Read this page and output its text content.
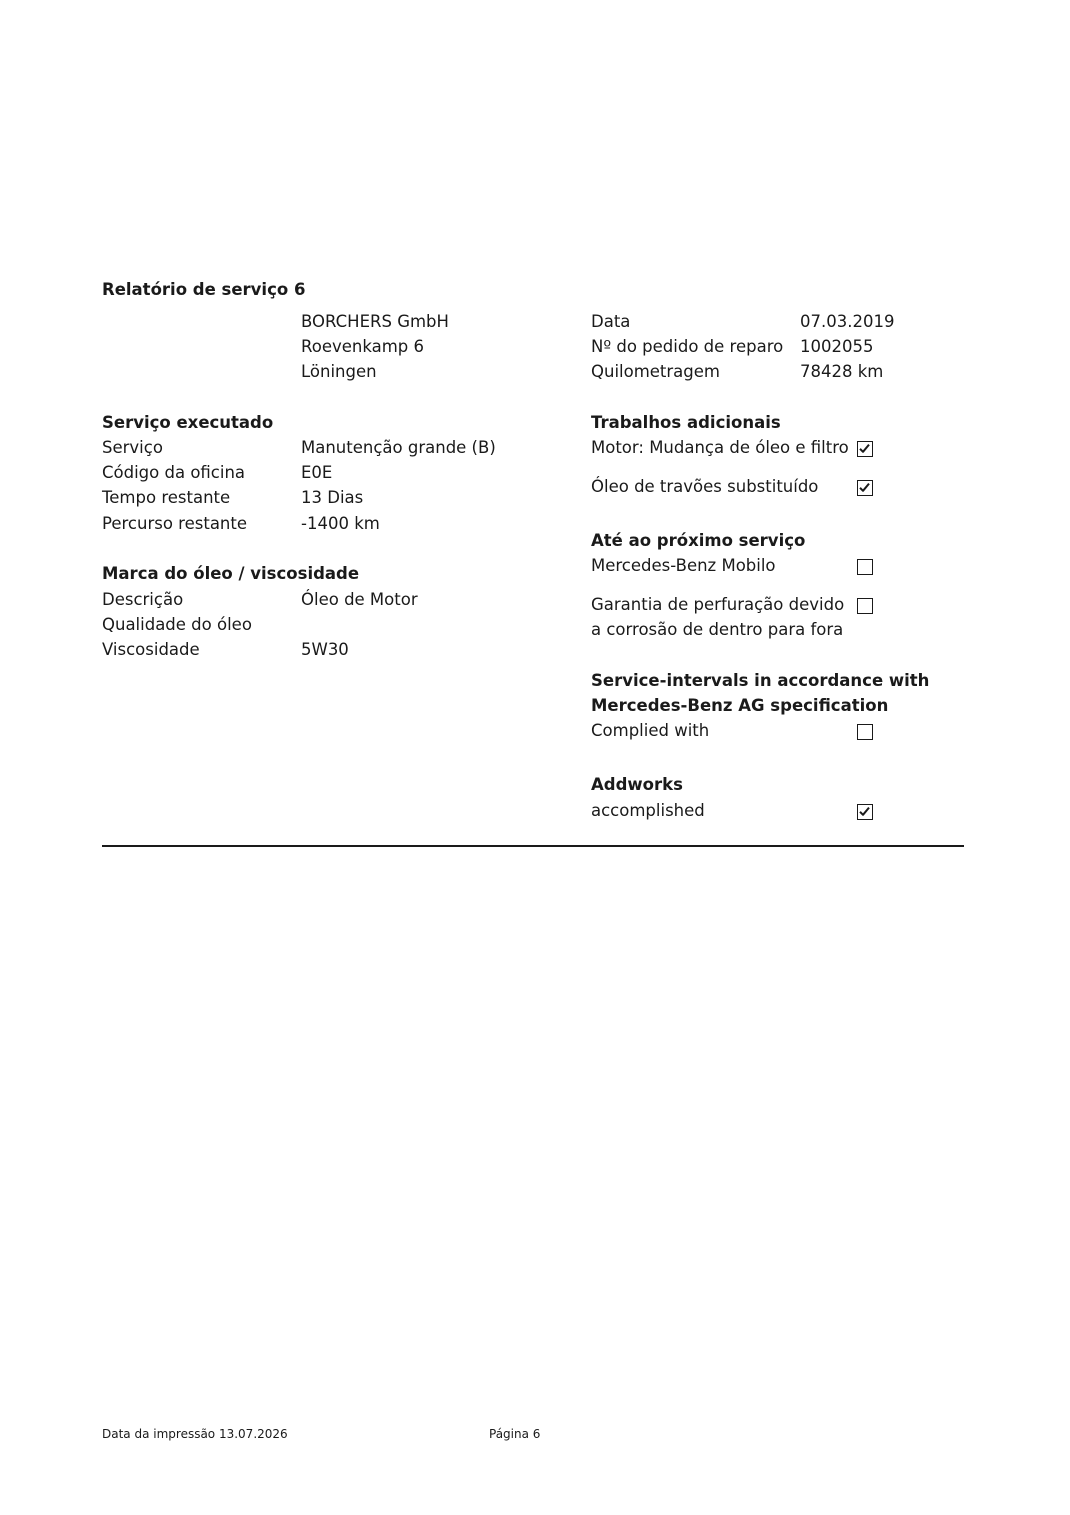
Relatório de serviço 6
BORCHERS GmbH
Roevenkamp 6
Löningen
Data	07.03.2019
Nº do pedido de reparo 1002055
Quilometragem	78428 km
Serviço executado
Serviço	Manutenção grande (B)
Código da oficina	E0E
Tempo restante	13 Dias
Percurso restante	-1400 km
Marca do óleo / viscosidade
Descrição	Óleo de Motor
Qualidade do óleo
Viscosidade	5W30
Trabalhos adicionais
Motor: Mudança de óleo e filtro
Óleo de travões substituído
Até ao próximo serviço
Mercedes-Benz Mobilo
Garantia de perfuração devido
a corrosão de dentro para fora
Service-intervals in accordance with
Mercedes-Benz AG specification
Complied with
Addworks
accomplished
Data da impressão 13.07.2026	Página 6
